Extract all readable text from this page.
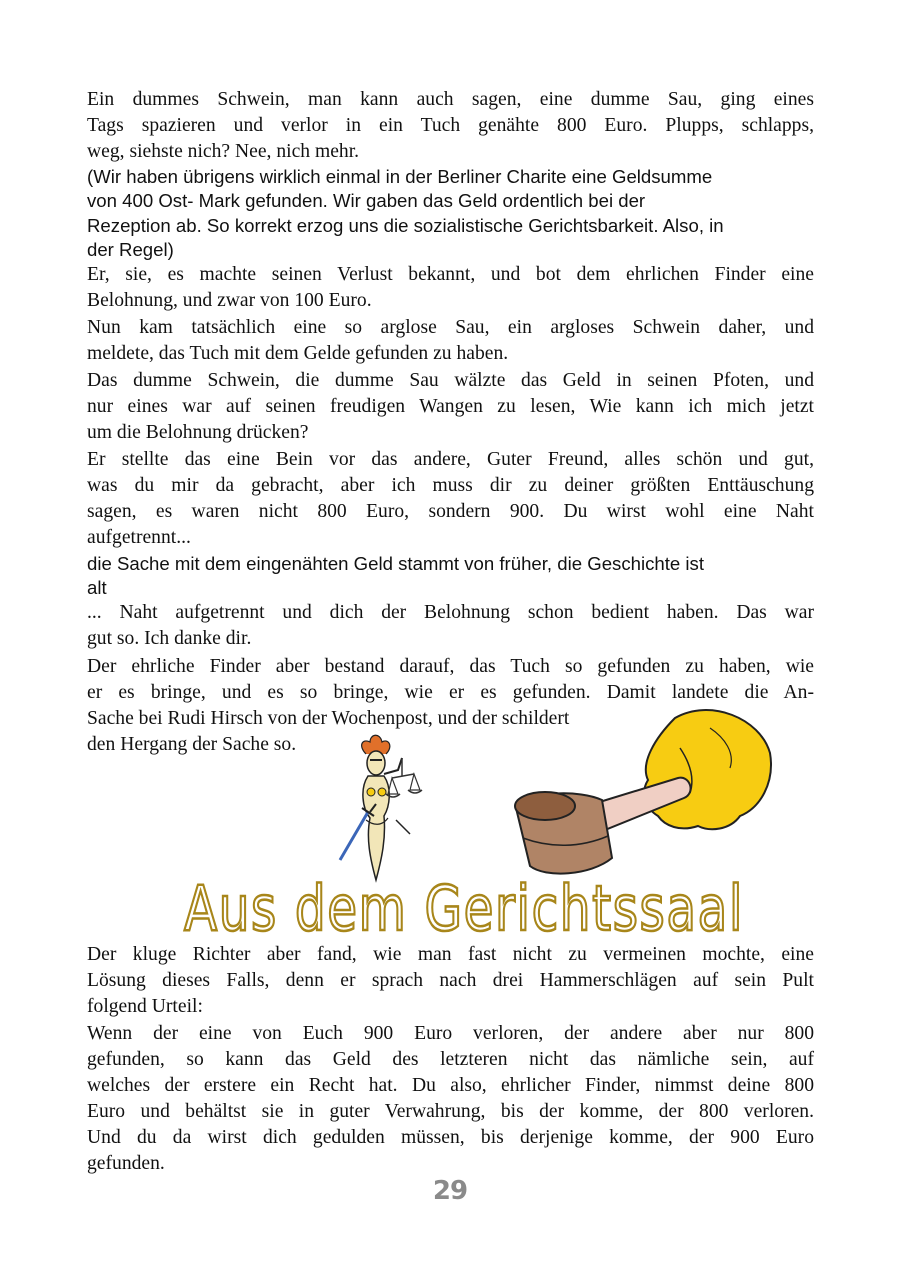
Ein dummes Schwein, man kann auch sagen, eine dumme Sau, ging eines

Tags spazieren und verlor in ein Tuch genähte 800 Euro. Plupps, schlapps,

weg, siehste nich? Nee, nich mehr.

(Wir haben übrigens wirklich einmal in der Berliner Charite eine Geldsumme

von 400 Ost- Mark gefunden. Wir gaben das Geld ordentlich bei der

Rezeption ab. So korrekt erzog uns die sozialistische Gerichtsbarkeit. Also, in

der Regel)

Er, sie, es machte seinen Verlust bekannt, und bot dem ehrlichen Finder eine

Belohnung, und zwar von 100 Euro.

Nun kam tatsächlich eine so arglose Sau, ein argloses Schwein daher, und

meldete, das Tuch mit dem Gelde gefunden zu haben.

Das dumme Schwein, die dumme Sau wälzte das Geld in seinen Pfoten, und

nur eines war auf seinen freudigen Wangen zu lesen, Wie kann ich mich jetzt

um die Belohnung drücken?

Er stellte das eine Bein vor das andere, Guter Freund, alles schön und gut,

was du mir da gebracht, aber ich muss dir zu deiner größten Enttäuschung

sagen, es waren nicht 800 Euro, sondern 900. Du wirst wohl eine Naht

aufgetrennt...

die Sache mit dem eingenähten Geld stammt von früher, die Geschichte ist

alt

... Naht aufgetrennt und dich der Belohnung schon bedient haben. Das war

gut so. Ich danke dir.

Der ehrliche Finder aber bestand darauf, das Tuch so gefunden zu haben, wie

er es bringe, und es so bringe, wie er es gefunden. Damit landete die An-

Sache bei Rudi Hirsch von der Wochenpost, und der schildert

den Hergang der Sache so.

Aus dem Gerichtssaal

Der kluge Richter aber fand, wie man fast nicht zu vermeinen mochte, eine

Lösung dieses Falls, denn er sprach nach drei Hammerschlägen auf sein Pult

folgend Urteil:

Wenn der eine von Euch 900 Euro verloren, der andere aber nur 800

gefunden, so kann das Geld des letzteren nicht das nämliche sein, auf

welches der erstere ein Recht hat. Du also, ehrlicher Finder, nimmst deine 800

Euro und behältst sie in guter Verwahrung, bis der komme, der 800 verloren.

Und du da wirst dich gedulden müssen, bis derjenige komme, der 900 Euro

gefunden.

29
